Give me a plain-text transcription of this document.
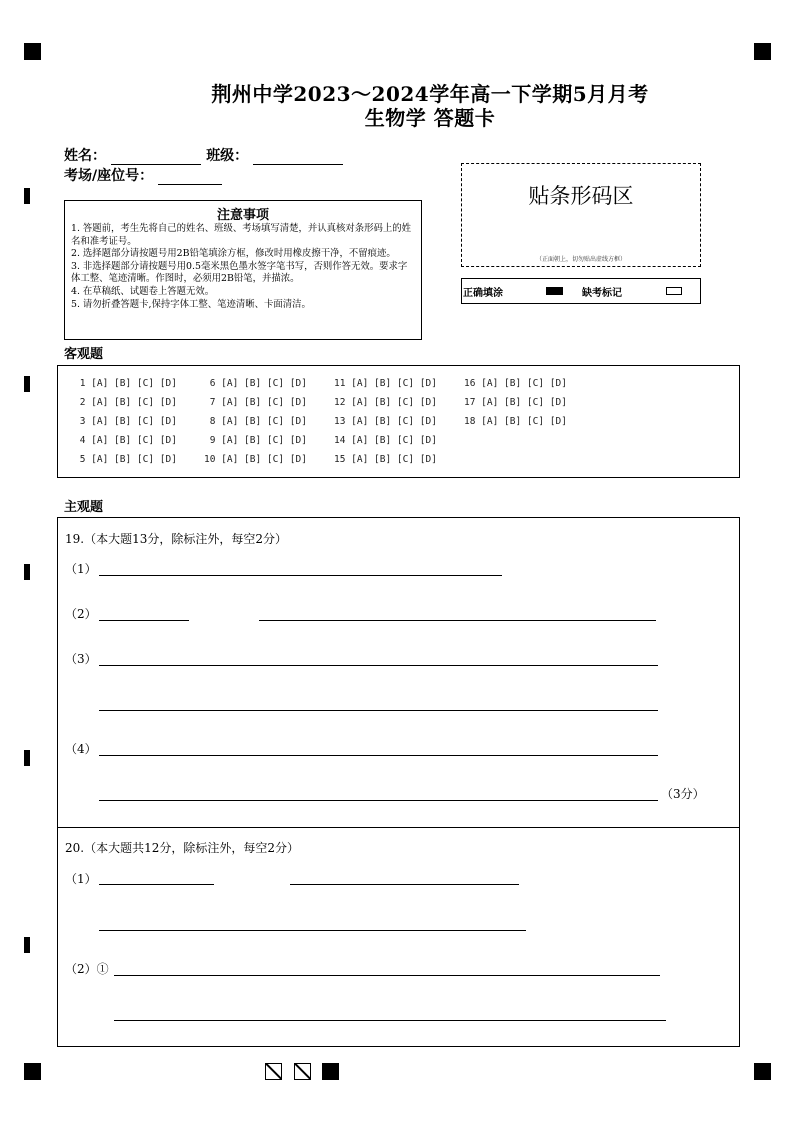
荆州中学2023～2024学年高一下学期5月月考
生物学 答题卡
姓名：	班级：
考场/座位号：
注意事项
1. 答题前，考生先将自己的姓名、班级、考场填写清楚，并认真核对条形码上的姓名和准考证号。
2. 选择题部分请按题号用2B铅笔填涂方框，修改时用橡皮擦干净，不留痕迹。
3. 非选择题部分请按题号用0.5毫米黑色墨水签字笔书写，否则作答无效。要求字体工整、笔迹清晰。作图时，必须用2B铅笔，并描浓。
4. 在草稿纸、试题卷上答题无效。
5. 请勿折叠答题卡,保持字体工整、笔迹清晰、卡面清洁。
贴条形码区
（正面朝上，切勿贴出虚线方框）
正确填涂	缺考标记
客观题
1 [A] [B] [C] [D]
2 [A] [B] [C] [D]
3 [A] [B] [C] [D]
4 [A] [B] [C] [D]
5 [A] [B] [C] [D]
6 [A] [B] [C] [D]
7 [A] [B] [C] [D]
8 [A] [B] [C] [D]
9 [A] [B] [C] [D]
10 [A] [B] [C] [D]
11 [A] [B] [C] [D]
12 [A] [B] [C] [D]
13 [A] [B] [C] [D]
14 [A] [B] [C] [D]
15 [A] [B] [C] [D]
16 [A] [B] [C] [D]
17 [A] [B] [C] [D]
18 [A] [B] [C] [D]
主观题
19.（本大题13分，除标注外，每空2分）
（1）
（2）
（3）
（4）
（3分）
20.（本大题共12分，除标注外，每空2分）
（1）
（2）①
